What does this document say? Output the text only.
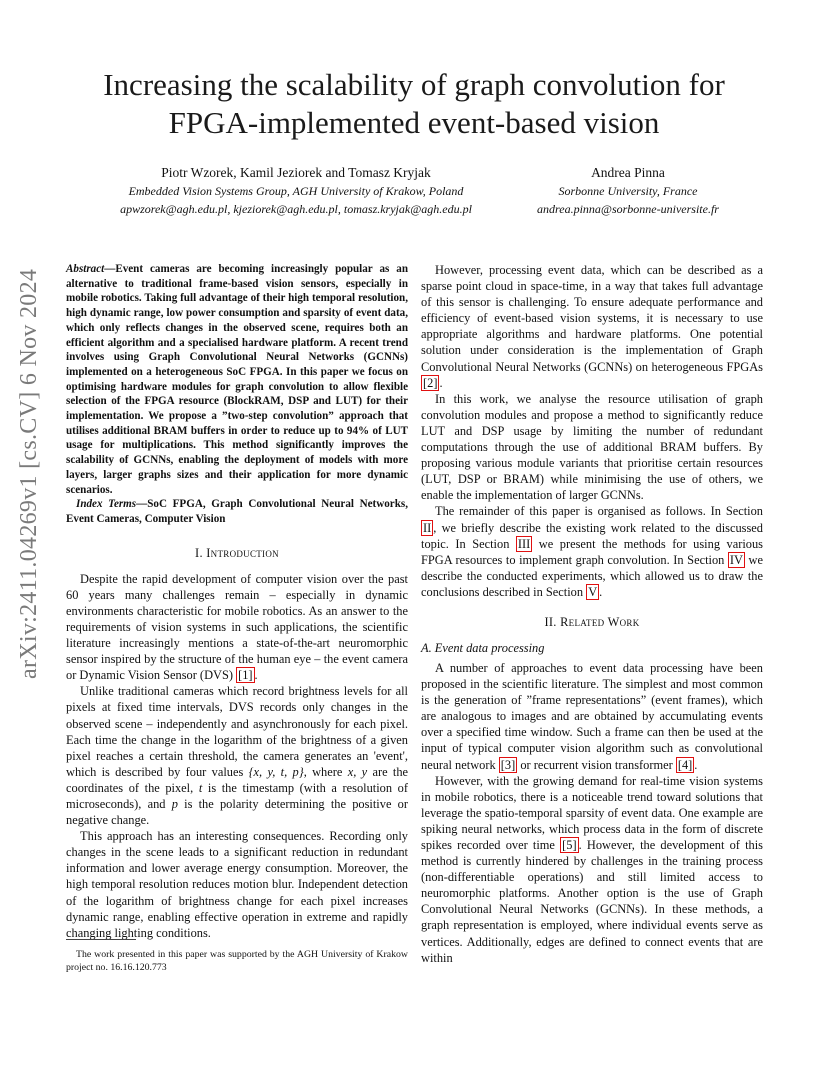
Increasing the scalability of graph convolution for
FPGA-implemented event-based vision
Piotr Wzorek, Kamil Jeziorek and Tomasz Kryjak
Embedded Vision Systems Group, AGH University of Krakow, Poland
apwzorek@agh.edu.pl, kjeziorek@agh.edu.pl, tomasz.kryjak@agh.edu.pl
Andrea Pinna
Sorbonne University, France
andrea.pinna@sorbonne-universite.fr
arXiv:2411.04269v1 [cs.CV] 6 Nov 2024	Abstract—Event cameras are becoming increasingly popular as an alternative to traditional frame-based vision sensors, especially in mobile robotics. Taking full advantage of their high temporal resolution, high dynamic range, low power consumption and sparsity of event data, which only reflects changes in the observed scene, requires both an efficient algorithm and a specialised hardware platform. A recent trend involves using Graph Convolutional Neural Networks (GCNNs) implemented on a heterogeneous SoC FPGA. In this paper we focus on optimising hardware modules for graph convolution to allow flexible selection of the FPGA resource (BlockRAM, DSP and LUT) for their implementation. We propose a ”two-step convolution” approach that utilises additional BRAM buffers in order to reduce up to 94% of LUT usage for multiplications. This method significantly improves the scalability of GCNNs, enabling the deployment of models with more layers, larger graphs sizes and their application for more dynamic scenarios.

Index Terms—SoC FPGA, Graph Convolutional Neural Networks, Event Cameras, Computer Vision

I. Introduction

Despite the rapid development of computer vision over the past 60 years many challenges remain – especially in dynamic environments characteristic for mobile robotics. As an answer to the requirements of vision systems in such applications, the scientific literature increasingly mentions a state-of-the-art neuromorphic sensor inspired by the structure of the human eye – the event camera or Dynamic Vision Sensor (DVS) [1] .

Unlike traditional cameras which record brightness levels for all pixels at fixed time intervals, DVS records only changes in the observed scene – independently and asynchronously for each pixel. Each time the change in the logarithm of the brightness of a given pixel reaches a certain threshold, the camera generates an 'event', which is described by four values {x, y, t, p}, where x, y are the coordinates of the pixel, t is the timestamp (with a resolution of microseconds), and p is the polarity determining the positive or negative change.

This approach has an interesting consequences. Recording only changes in the scene leads to a significant reduction in redundant information and lower average energy consumption. Moreover, the high temporal resolution reduces motion blur. Independent detection of the logarithm of brightness change for each pixel increases dynamic range, enabling effective operation in extreme and rapidly changing lighting conditions.

The work presented in this paper was supported by the AGH University of Krakow project no. 16.16.120.773

However, processing event data, which can be described as a sparse point cloud in space-time, in a way that takes full advantage of this sensor is challenging. To ensure adequate performance and efficiency of event-based vision systems, it is necessary to use appropriate algorithms and hardware platforms. One potential solution under consideration is the implementation of Graph Convolutional Neural Networks (GCNNs) on heterogeneous FPGAs [2] .

In this work, we analyse the resource utilisation of graph convolution modules and propose a method to significantly reduce LUT and DSP usage by limiting the number of redundant computations through the use of additional BRAM buffers. By proposing various module variants that prioritise certain resources (LUT, DSP or BRAM) while minimising the use of others, we enable the implementation of larger GCNNs.

The remainder of this paper is organised as follows. In Section II , we briefly describe the existing work related to the discussed topic. In Section III we present the methods for using various FPGA resources to implement graph convolution. In Section IV we describe the conducted experiments, which allowed us to draw the conclusions described in Section V .

II. Related Work
A. Event data processing

A number of approaches to event data processing have been proposed in the scientific literature. The simplest and most common is the generation of ”frame representations” (event frames), which are analogous to images and are obtained by accumulating events over a specified time window. Such a frame can then be used at the input of typical computer vision algorithm such as convolutional neural network [3] or recurrent vision transformer [4] .

However, with the growing demand for real-time vision systems in mobile robotics, there is a noticeable trend toward solutions that leverage the spatio-temporal sparsity of event data. One example are spiking neural networks, which process data in the form of discrete spikes recorded over time [5] . However, the development of this method is currently hindered by challenges in the training process (non-differentiable operations) and still limited access to neuromorphic platforms. Another option is the use of Graph Convolutional Neural Networks (GCNNs). In these methods, a graph representation is employed, where individual events serve as vertices. Additionally, edges are defined to connect events that are within
